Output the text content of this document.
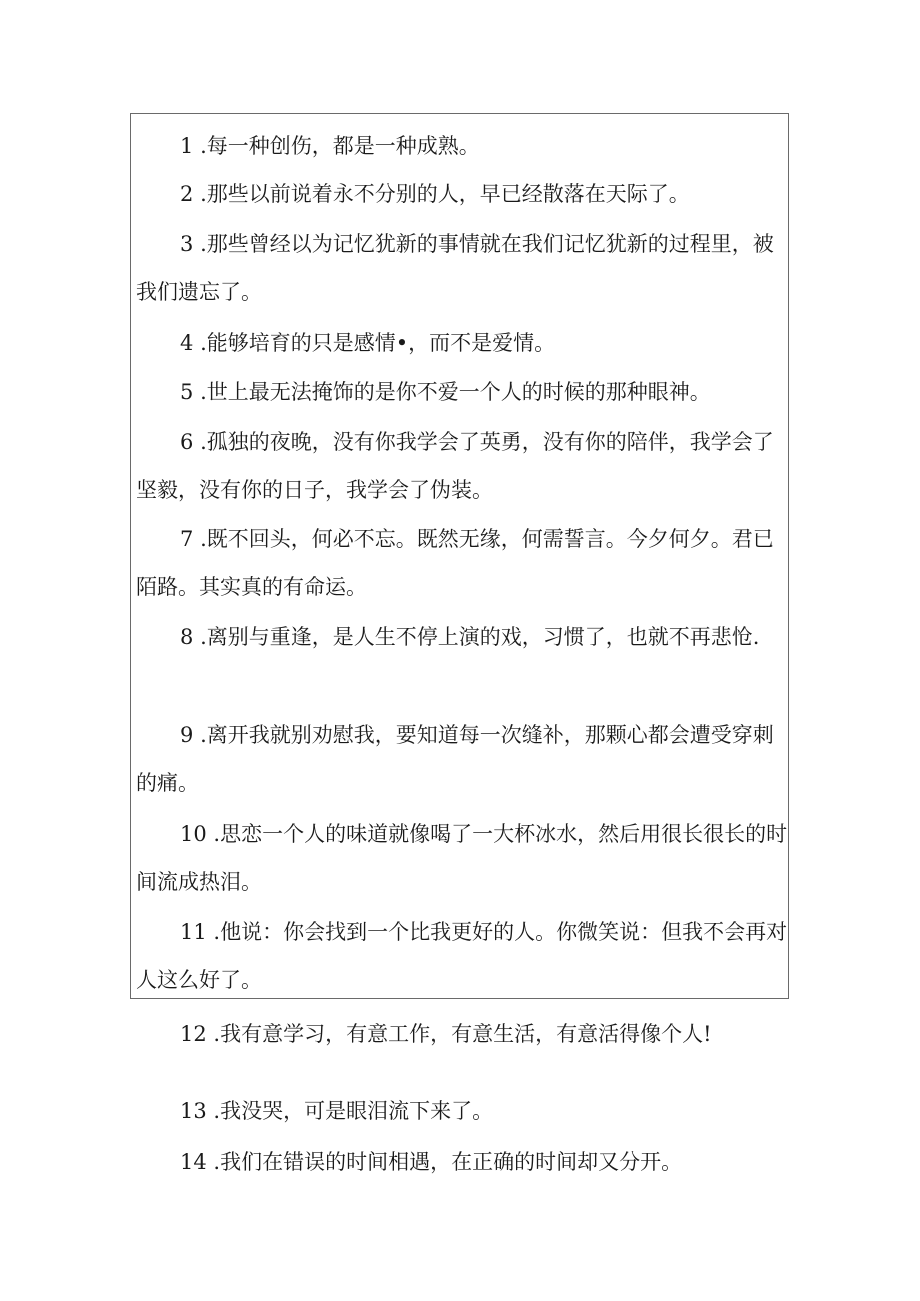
1 .每一种创伤，都是一种成熟。

2 .那些以前说着永不分别的人，早已经散落在天际了。

3 .那些曾经以为记忆犹新的事情就在我们记忆犹新的过程里，被我们遗忘了。

4 .能够培育的只是感情•，而不是爱情。

5 .世上最无法掩饰的是你不爱一个人的时候的那种眼神。

6 .孤独的夜晚，没有你我学会了英勇，没有你的陪伴，我学会了坚毅，没有你的日子，我学会了伪装。

7 .既不回头，何必不忘。既然无缘，何需誓言。今夕何夕。君已陌路。其实真的有命运。

8 .离别与重逢，是人生不停上演的戏，习惯了，也就不再悲怆.

9 .离开我就别劝慰我，要知道每一次缝补，那颗心都会遭受穿刺的痛。

10 .思恋一个人的味道就像喝了一大杯冰水，然后用很长很长的时间流成热泪。

11 .他说：你会找到一个比我更好的人。你微笑说：但我不会再对人这么好了。

12 .我有意学习，有意工作，有意生活，有意活得像个人!

13 .我没哭，可是眼泪流下来了。

14 .我们在错误的时间相遇，在正确的时间却又分开。
